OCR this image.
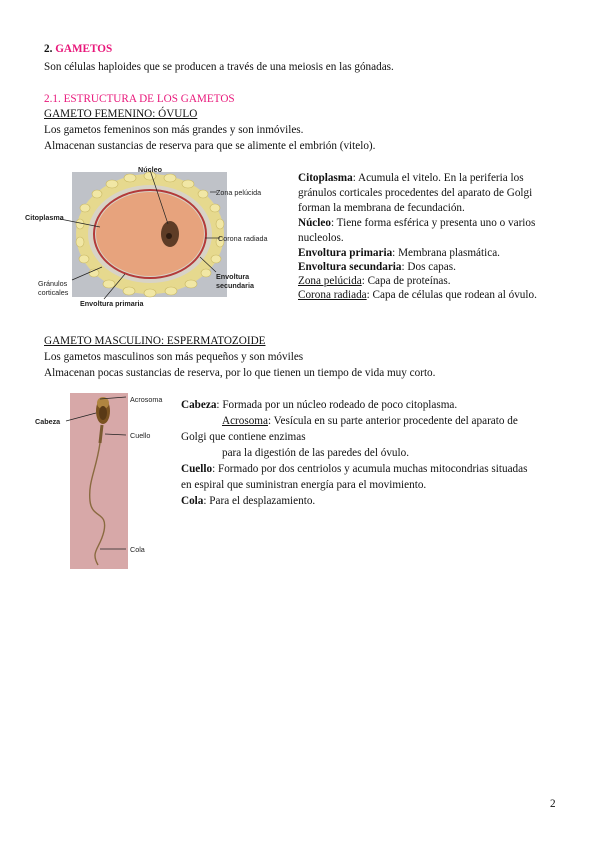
2. GAMETOS
Son células haploides que se producen a través de una meiosis en las gónadas.
2.1. ESTRUCTURA DE LOS GAMETOS
GAMETO FEMENINO: ÓVULO
Los gametos femeninos son más grandes y son inmóviles.
Almacenan sustancias de reserva para que se alimente el embrión (vitelo).
Núcleo
Zona pelúcida
Citoplasma
Corona radiada
Gránulos
corticales
Envoltura
secundaria
Envoltura primaria
Citoplasma: Acumula el vitelo. En la periferia los
gránulos corticales procedentes del aparato de Golgi
forman la membrana de fecundación.
Núcleo: Tiene forma esférica y presenta uno o varios
nucleolos.
Envoltura primaria: Membrana plasmática.
Envoltura secundaria: Dos capas.
Zona pelúcida: Capa de proteínas.
Corona radiada: Capa de células que rodean al óvulo.
GAMETO MASCULINO: ESPERMATOZOIDE
Los gametos masculinos son más pequeños y son móviles
Almacenan pocas sustancias de reserva, por lo que tienen un tiempo de vida muy corto.
Acrosoma
Cabeza
Cuello
Cola
Cabeza: Formada por un núcleo rodeado de poco citoplasma.
Acrosoma: Vesícula en su parte anterior procedente del aparato de
Golgi que contiene enzimas
para la digestión de las paredes del óvulo.
Cuello: Formado por dos centriolos y acumula muchas mitocondrias situadas
en espiral que suministran energía para el movimiento.
Cola: Para el desplazamiento.
2
